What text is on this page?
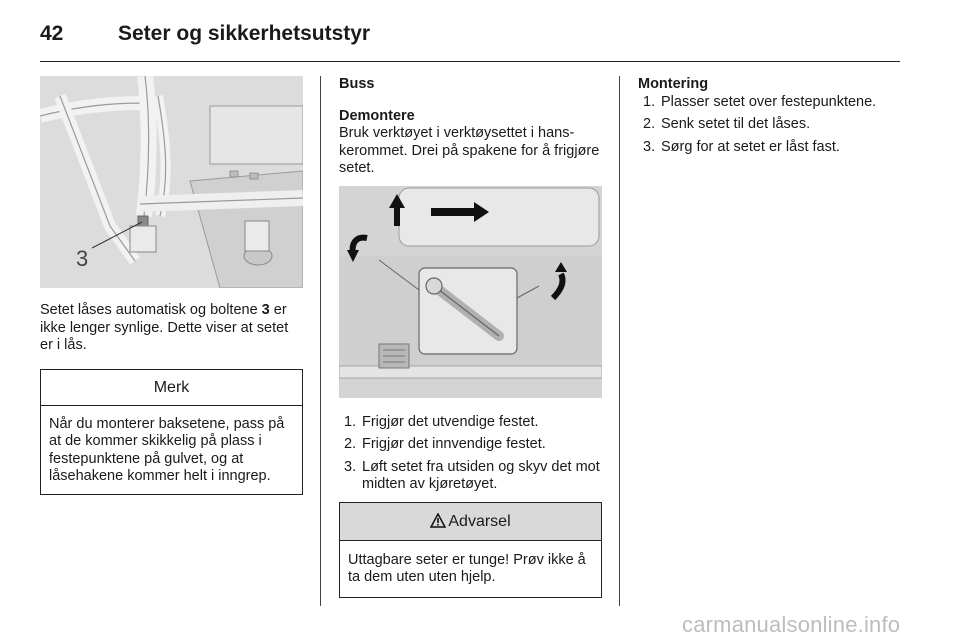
42	Seter og sikkerhetsutstyr
3

Setet låses automatisk og boltene 3 er ikke lenger synlige. Dette viser at setet er i lås.

Merk
Når du monterer baksetene, pass på at de kommer skikkelig på plass i festepunktene på gulvet, og at låsehakene kommer helt i inngrep.
Buss
Demontere

Bruk verktøyet i verktøysettet i hanskerommet. Drei på spakene for å frigjøre setet.

1. Frigjør det utvendige festet.
2. Frigjør det innvendige festet.
3. Løft setet fra utsiden og skyv det mot midten av kjøretøyet.
Advarsel
Uttagbare seter er tunge! Prøv ikke å ta dem uten uten hjelp.
Montering
1. Plasser setet over festepunktene.
2. Senk setet til det låses.
3. Sørg for at setet er låst fast.
carmanualsonline.info
